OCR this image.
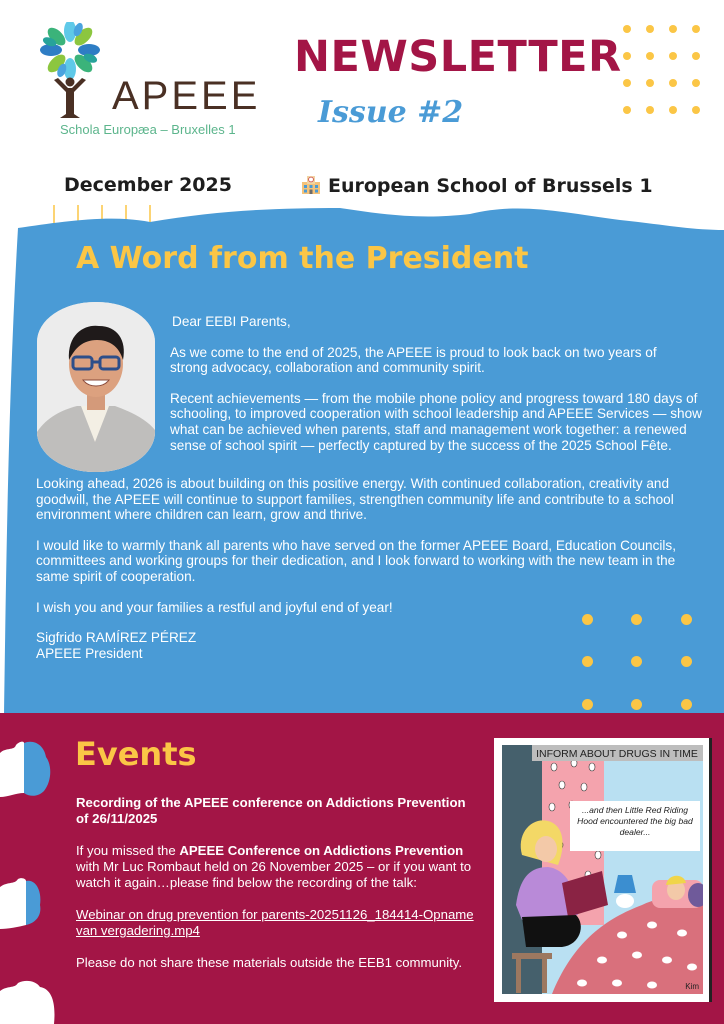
APEEE
Schola Europæa – Bruxelles 1
NEWSLETTER
Issue #2
December 2025	European School of Brussels 1
A Word from the President

Dear EEBI Parents,

As we come to the end of 2025, the APEEE is proud to look back on two years of strong advocacy, collaboration and community spirit.

Recent achievements — from the mobile phone policy and progress toward 180 days of schooling, to improved cooperation with school leadership and APEEE Services — show what can be achieved when parents, staff and management work together: a renewed sense of school spirit — perfectly captured by the success of the 2025 School Fête.

Looking ahead, 2026 is about building on this positive energy. With continued collaboration, creativity and goodwill, the APEEE will continue to support families, strengthen community life and contribute to a school environment where children can learn, grow and thrive.

I would like to warmly thank all parents who have served on the former APEEE Board, Education Councils, committees and working groups for their dedication, and I look forward to working with the new team in the same spirit of cooperation.

I wish you and your families a restful and joyful end of year!

Sigfrido RAMÍREZ PÉREZ

APEEE President

Events

Recording of the APEEE conference on Addictions Prevention of 26/11/2025

If you missed the APEEE Conference on Addictions Prevention with Mr Luc Rombaut held on 26 November 2025 – or if you want to watch it again…please find below the recording of the talk:

Webinar on drug prevention for parents-20251126_184414-Opname van vergadering.mp4

Please do not share these materials outside the EEB1 community.

INFORM ABOUT DRUGS IN TIME
...and then Little Red Riding Hood encountered the big bad dealer...
Kim
